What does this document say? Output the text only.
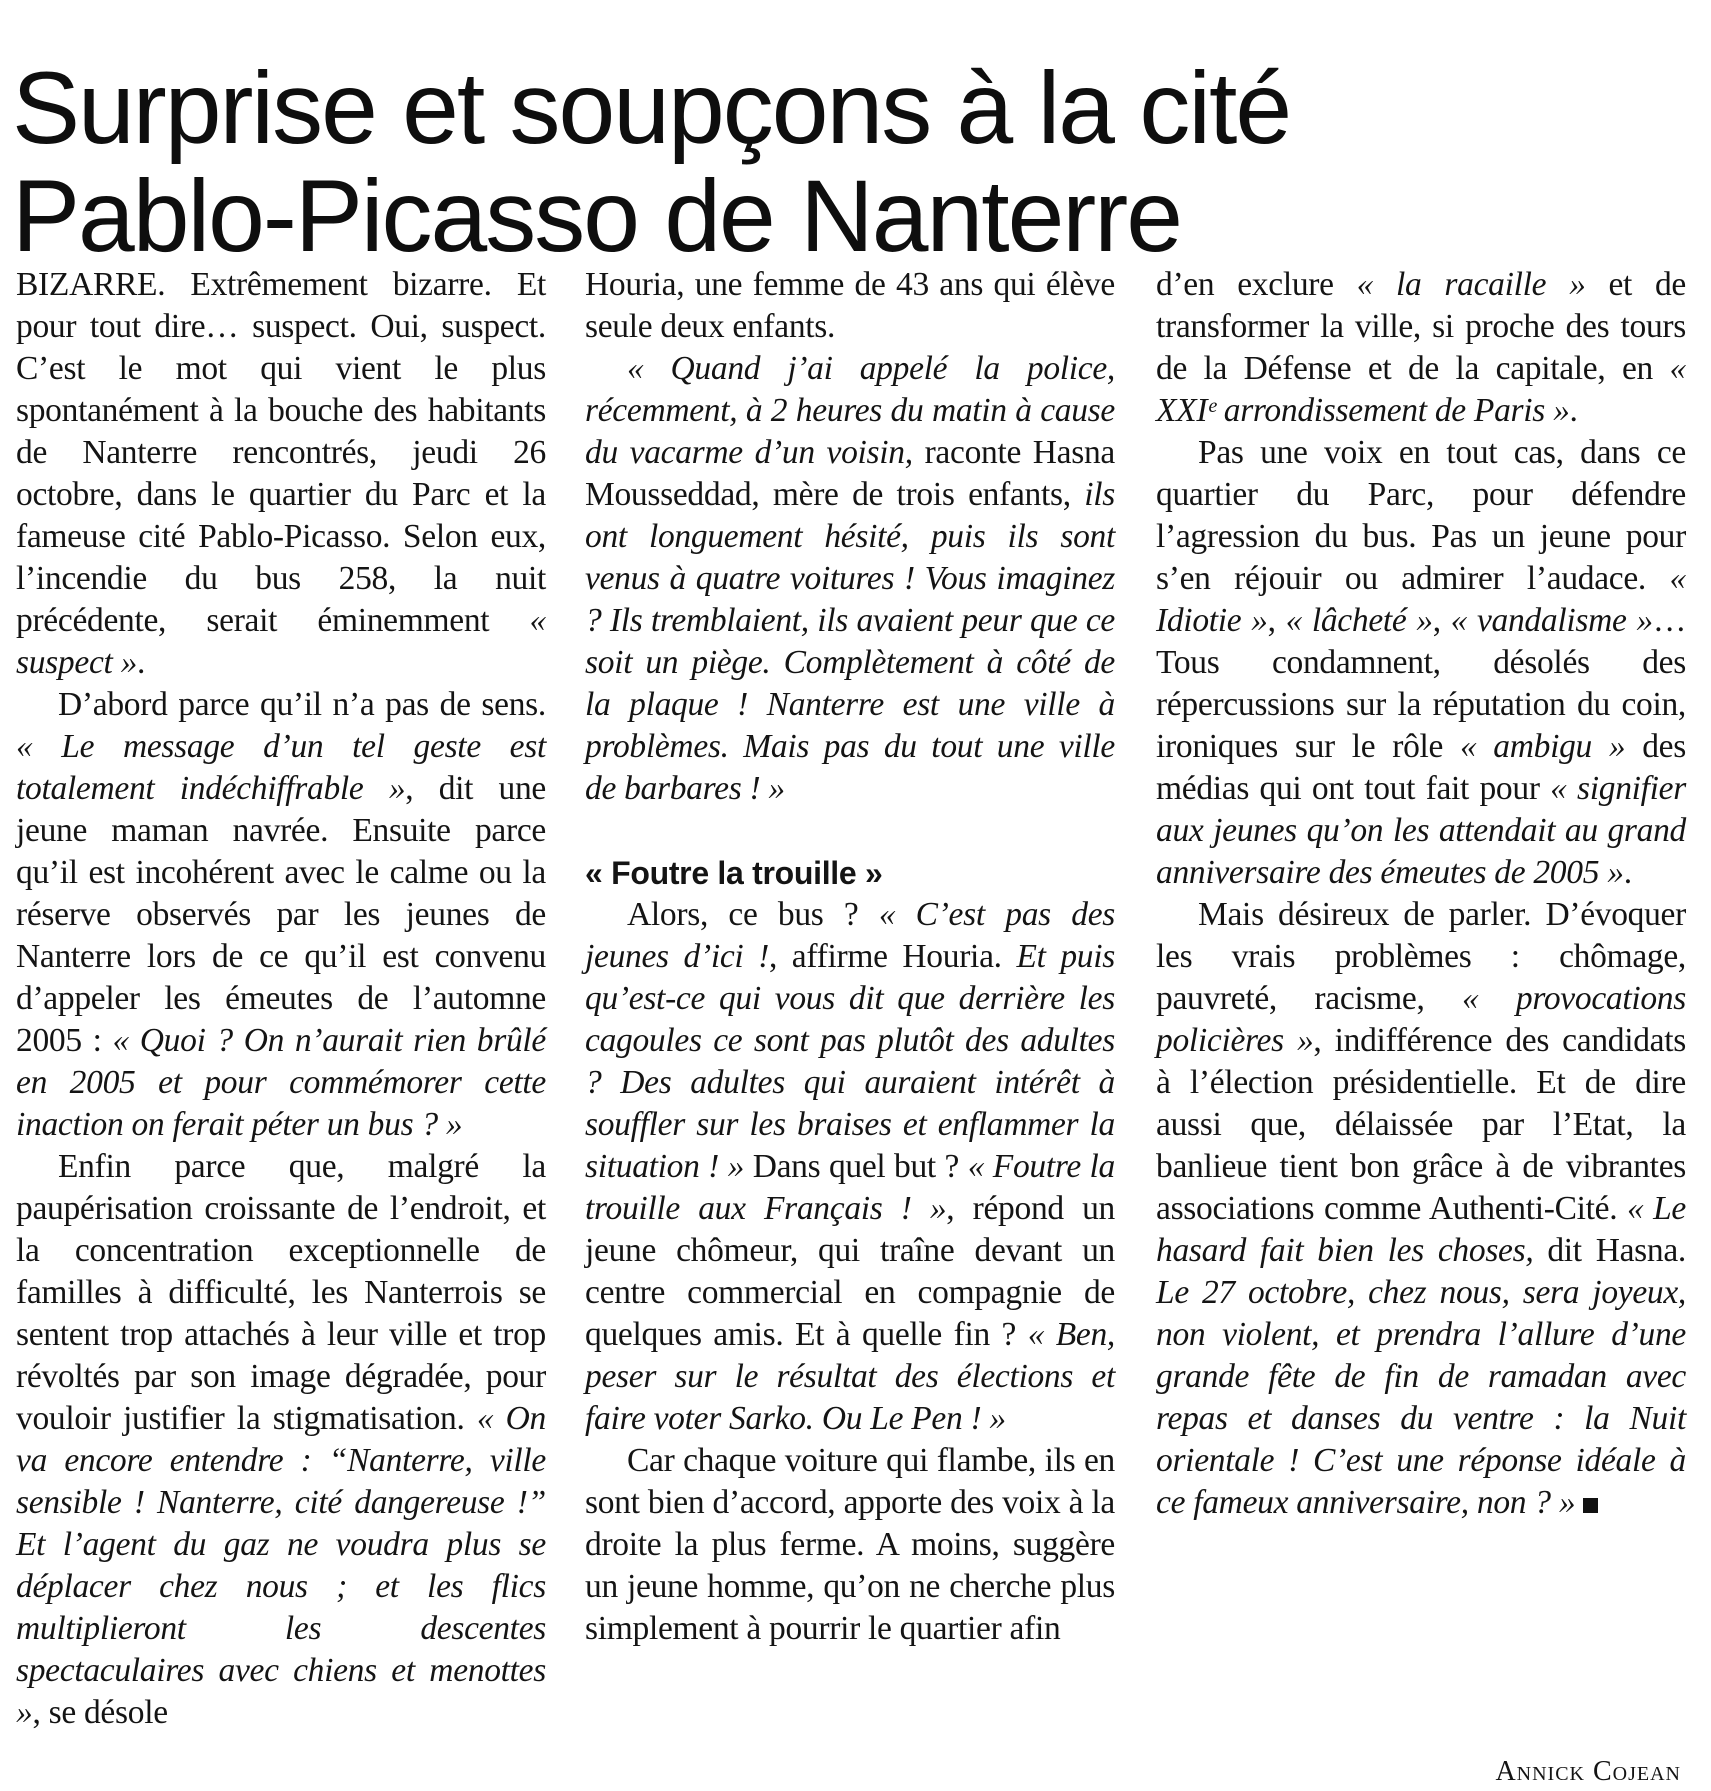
Surprise et soupçons à la cité
Pablo-Picasso de Nanterre

BIZARRE. Extrêmement bizarre. Et pour tout dire… suspect. Oui, suspect. C’est le mot qui vient le plus spontanément à la bouche des habitants de Nanterre rencontrés, jeudi 26 octobre, dans le quartier du Parc et la fameuse cité Pablo-Picasso. Selon eux, l’incendie du bus 258, la nuit précédente, serait éminemment « suspect ».

D’abord parce qu’il n’a pas de sens. « Le message d’un tel geste est totalement indéchiffrable », dit une jeune maman navrée. Ensuite parce qu’il est incohérent avec le calme ou la réserve observés par les jeunes de Nanterre lors de ce qu’il est convenu d’appeler les émeutes de l’automne 2005 : « Quoi ? On n’aurait rien brûlé en 2005 et pour commémorer cette inaction on ferait péter un bus ? »

Enfin parce que, malgré la paupérisation croissante de l’endroit, et la concentration exceptionnelle de familles à difficulté, les Nanterrois se sentent trop attachés à leur ville et trop révoltés par son image dégradée, pour vouloir justifier la stigmatisation. « On va encore entendre : “Nanterre, ville sensible ! Nanterre, cité dangereuse !” Et l’agent du gaz ne voudra plus se déplacer chez nous ; et les flics multiplieront les descentes spectaculaires avec chiens et menottes », se désole

Houria, une femme de 43 ans qui élève seule deux enfants.

« Quand j’ai appelé la police, récemment, à 2 heures du matin à cause du vacarme d’un voisin, raconte Hasna Mousseddad, mère de trois enfants, ils ont longuement hésité, puis ils sont venus à quatre voitures ! Vous imaginez ? Ils tremblaient, ils avaient peur que ce soit un piège. Complètement à côté de la plaque ! Nanterre est une ville à problèmes. Mais pas du tout une ville de barbares ! »

« Foutre la trouille »

Alors, ce bus ? « C’est pas des jeunes d’ici !, affirme Houria. Et puis qu’est-ce qui vous dit que derrière les cagoules ce sont pas plutôt des adultes ? Des adultes qui auraient intérêt à souffler sur les braises et enflammer la situation ! » Dans quel but ? « Foutre la trouille aux Français ! », répond un jeune chômeur, qui traîne devant un centre commercial en compagnie de quelques amis. Et à quelle fin ? « Ben, peser sur le résultat des élections et faire voter Sarko. Ou Le Pen ! »

Car chaque voiture qui flambe, ils en sont bien d’accord, apporte des voix à la droite la plus ferme. A moins, suggère un jeune homme, qu’on ne cherche plus simplement à pourrir le quartier afin

d’en exclure « la racaille » et de transformer la ville, si proche des tours de la Défense et de la capitale, en « XXIᵉ arrondissement de Paris ».

Pas une voix en tout cas, dans ce quartier du Parc, pour défendre l’agression du bus. Pas un jeune pour s’en réjouir ou admirer l’audace. « Idiotie », « lâcheté », « vandalisme »… Tous condamnent, désolés des répercussions sur la réputation du coin, ironiques sur le rôle « ambigu » des médias qui ont tout fait pour « signifier aux jeunes qu’on les attendait au grand anniversaire des émeutes de 2005 ».

Mais désireux de parler. D’évoquer les vrais problèmes : chômage, pauvreté, racisme, « provocations policières », indifférence des candidats à l’élection présidentielle. Et de dire aussi que, délaissée par l’Etat, la banlieue tient bon grâce à de vibrantes associations comme Authenti-Cité. « Le hasard fait bien les choses, dit Hasna. Le 27 octobre, chez nous, sera joyeux, non violent, et prendra l’allure d’une grande fête de fin de ramadan avec repas et danses du ventre : la Nuit orientale ! C’est une réponse idéale à ce fameux anniversaire, non ? »

Annick Cojean
